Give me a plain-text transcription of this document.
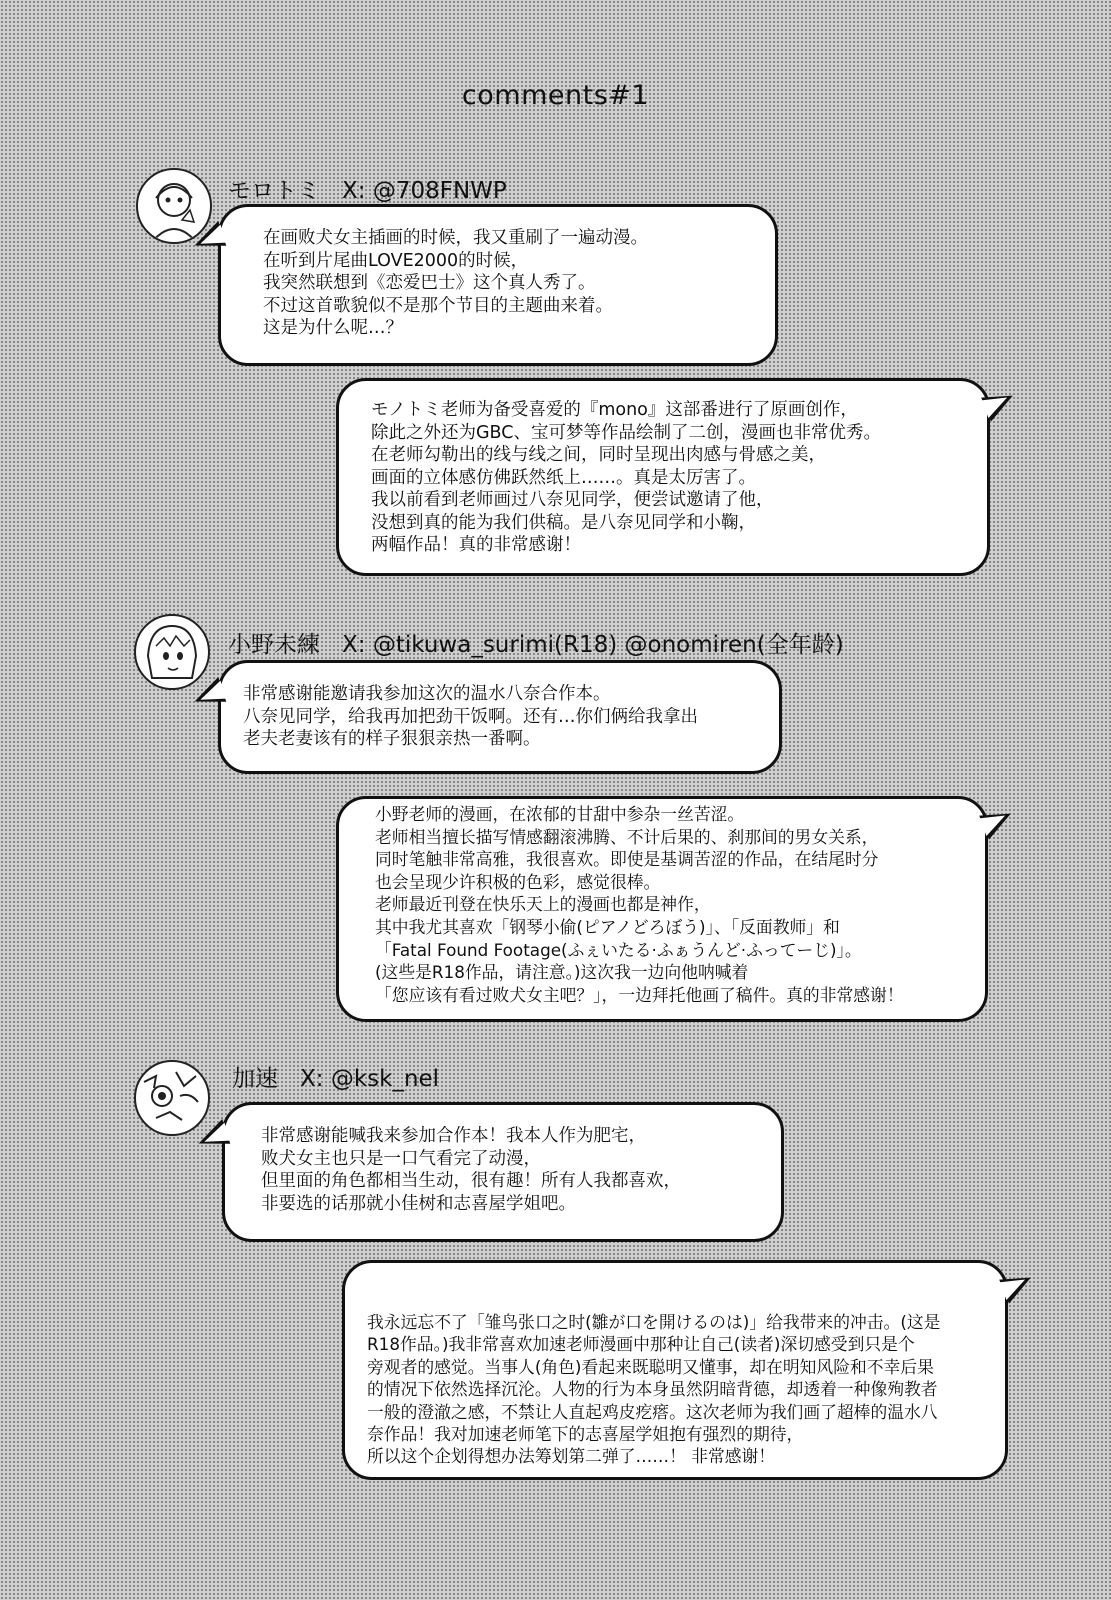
comments#1
モロトミ X: @708FNWP
在画败犬女主插画的时候，我又重刷了一遍动漫。
在听到片尾曲LOVE2000的时候，
我突然联想到《恋爱巴士》这个真人秀了。
不过这首歌貌似不是那个节目的主题曲来着。
这是为什么呢…？
モノトミ老师为备受喜爱的『mono』这部番进行了原画创作，
除此之外还为GBC、宝可梦等作品绘制了二创，漫画也非常优秀。
在老师勾勒出的线与线之间，同时呈现出肉感与骨感之美，
画面的立体感仿佛跃然纸上……。真是太厉害了。
我以前看到老师画过八奈见同学，便尝试邀请了他，
没想到真的能为我们供稿。是八奈见同学和小鞠，
两幅作品！真的非常感谢！
小野未練 X: @tikuwa_surimi(R18) @onomiren(全年龄)
非常感谢能邀请我参加这次的温水八奈合作本。
八奈见同学，给我再加把劲干饭啊。还有…你们俩给我拿出
老夫老妻该有的样子狠狠亲热一番啊。
小野老师的漫画，在浓郁的甘甜中参杂一丝苦涩。
老师相当擅长描写情感翻滚沸腾、不计后果的、刹那间的男女关系，
同时笔触非常高雅，我很喜欢。即使是基调苦涩的作品，在结尾时分
也会呈现少许积极的色彩，感觉很棒。
老师最近刊登在快乐天上的漫画也都是神作，
其中我尤其喜欢「钢琴小偷(ピアノどろぼう)」、「反面教师」和
「Fatal Found Footage(ふぇいたる·ふぁうんど·ふってーじ)」。
(这些是R18作品，请注意。)这次我一边向他呐喊着
「您应该有看过败犬女主吧？」，一边拜托他画了稿件。真的非常感谢！
加速 X: @ksk_nel
非常感谢能喊我来参加合作本！我本人作为肥宅，
败犬女主也只是一口气看完了动漫，
但里面的角色都相当生动，很有趣！所有人我都喜欢，
非要选的话那就小佳树和志喜屋学姐吧。
我永远忘不了「雏鸟张口之时(雛が口を開けるのは)」给我带来的冲击。(这是
R18作品。)我非常喜欢加速老师漫画中那种让自己(读者)深切感受到只是个
旁观者的感觉。当事人(角色)看起来既聪明又懂事，却在明知风险和不幸后果
的情况下依然选择沉沦。人物的行为本身虽然阴暗背德，却透着一种像殉教者
一般的澄澈之感，不禁让人直起鸡皮疙瘩。这次老师为我们画了超棒的温水八
奈作品！我对加速老师笔下的志喜屋学姐抱有强烈的期待，
所以这个企划得想办法筹划第二弹了……！ 非常感谢！
